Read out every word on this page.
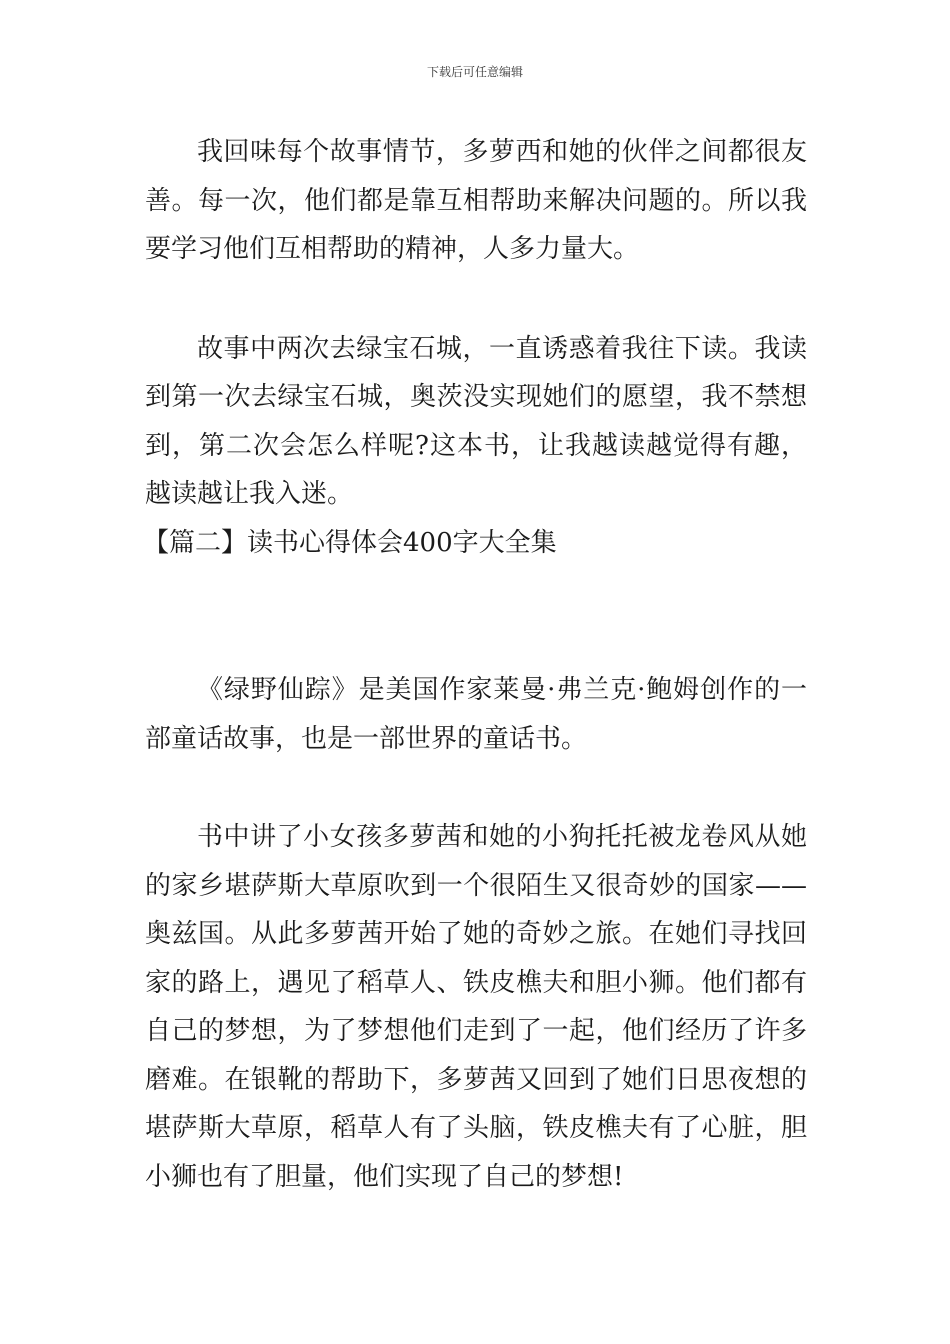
下载后可任意编辑

我回味每个故事情节，多萝西和她的伙伴之间都很友善。每一次，他们都是靠互相帮助来解决问题的。所以我要学习他们互相帮助的精神，人多力量大。

故事中两次去绿宝石城，一直诱惑着我往下读。我读到第一次去绿宝石城，奥茨没实现她们的愿望，我不禁想到，第二次会怎么样呢?这本书，让我越读越觉得有趣，越读越让我入迷。

【篇二】读书心得体会400字大全集

《绿野仙踪》是美国作家莱曼·弗兰克·鲍姆创作的一部童话故事，也是一部世界的童话书。

书中讲了小女孩多萝茜和她的小狗托托被龙卷风从她的家乡堪萨斯大草原吹到一个很陌生又很奇妙的国家——奥兹国。从此多萝茜开始了她的奇妙之旅。在她们寻找回家的路上，遇见了稻草人、铁皮樵夫和胆小狮。他们都有自己的梦想，为了梦想他们走到了一起，他们经历了许多磨难。在银靴的帮助下，多萝茜又回到了她们日思夜想的堪萨斯大草原，稻草人有了头脑，铁皮樵夫有了心脏，胆小狮也有了胆量，他们实现了自己的梦想!
